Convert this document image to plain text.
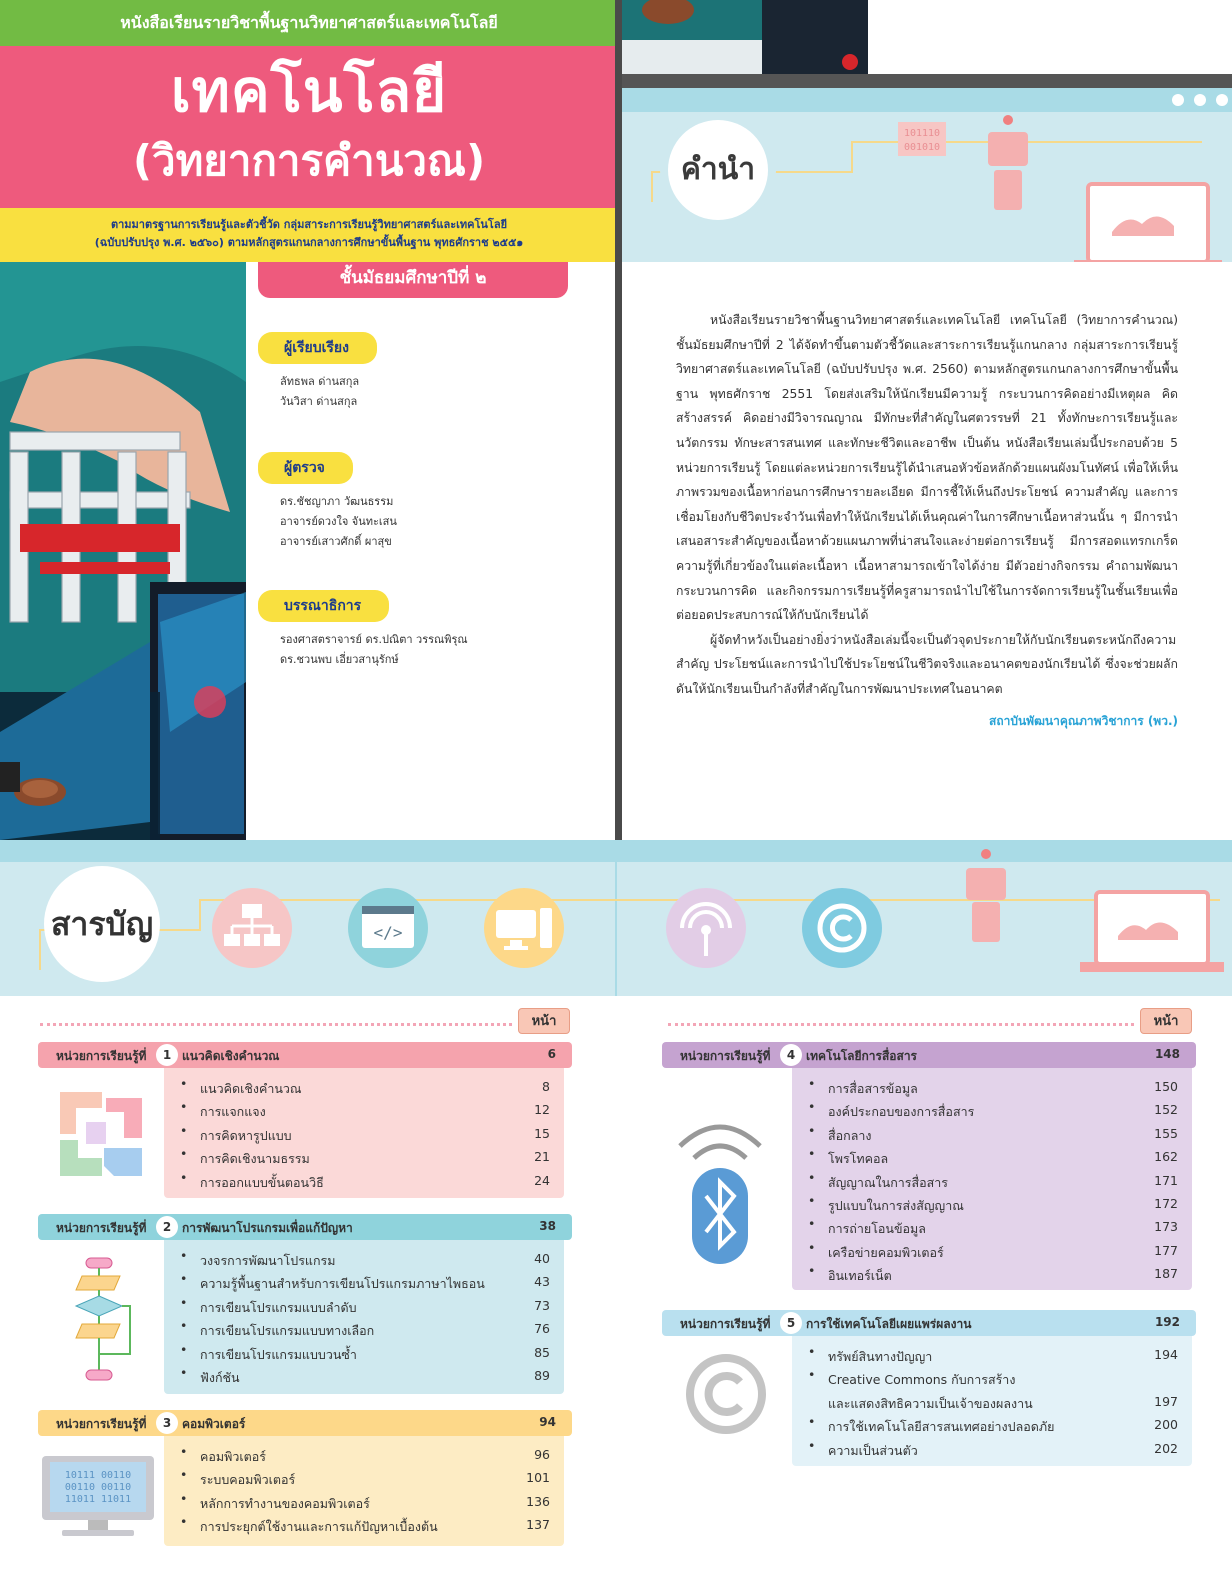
หนังสือเรียนรายวิชาพื้นฐานวิทยาศาสตร์และเทคโนโลยี
เทคโนโลยี
(วิทยาการคำนวณ)
ตามมาตรฐานการเรียนรู้และตัวชี้วัด กลุ่มสาระการเรียนรู้วิทยาศาสตร์และเทคโนโลยี
(ฉบับปรับปรุง พ.ศ. ๒๕๖๐) ตามหลักสูตรแกนกลางการศึกษาขั้นพื้นฐาน พุทธศักราช ๒๕๕๑
ชั้นมัธยมศึกษาปีที่ ๒
ผู้เรียบเรียง
ลัทธพล ด่านสกุล
วันวิสา ด่านสกุล
ผู้ตรวจ
ดร.ชัชญาภา วัฒนธรรม
อาจารย์ดวงใจ จันทะเสน
อาจารย์เสาวศักดิ์ ผาสุข
บรรณาธิการ
รองศาสตราจารย์ ดร.ปณิตา วรรณพิรุณ
ดร.ชวนพบ เอี่ยวสานุรักษ์
101110
001010
คำนำ

หนังสือเรียนรายวิชาพื้นฐานวิทยาศาสตร์และเทคโนโลยี เทคโนโลยี (วิทยาการคำนวณ) ชั้นมัธยมศึกษาปีที่ 2 ได้จัดทำขึ้นตามตัวชี้วัดและสาระการเรียนรู้แกนกลาง กลุ่มสาระการเรียนรู้วิทยาศาสตร์และเทคโนโลยี (ฉบับปรับปรุง พ.ศ. 2560) ตามหลักสูตรแกนกลางการศึกษาขั้นพื้นฐาน พุทธศักราช 2551 โดยส่งเสริมให้นักเรียนมีความรู้ กระบวนการคิดอย่างมีเหตุผล คิดสร้างสรรค์ คิดอย่างมีวิจารณญาณ มีทักษะที่สำคัญในศตวรรษที่ 21 ทั้งทักษะการเรียนรู้และนวัตกรรม ทักษะสารสนเทศ และทักษะชีวิตและอาชีพ เป็นต้น หนังสือเรียนเล่มนี้ประกอบด้วย 5 หน่วยการเรียนรู้ โดยแต่ละหน่วยการเรียนรู้ได้นำเสนอหัวข้อหลักด้วยแผนผังมโนทัศน์ เพื่อให้เห็นภาพรวมของเนื้อหาก่อนการศึกษารายละเอียด มีการชี้ให้เห็นถึงประโยชน์ ความสำคัญ และการเชื่อมโยงกับชีวิตประจำวันเพื่อทำให้นักเรียนได้เห็นคุณค่าในการศึกษาเนื้อหาส่วนนั้น ๆ มีการนำเสนอสาระสำคัญของเนื้อหาด้วยแผนภาพที่น่าสนใจและง่ายต่อการเรียนรู้ มีการสอดแทรกเกร็ดความรู้ที่เกี่ยวข้องในแต่ละเนื้อหา เนื้อหาสามารถเข้าใจได้ง่าย มีตัวอย่างกิจกรรม คำถามพัฒนากระบวนการคิด และกิจกรรมการเรียนรู้ที่ครูสามารถนำไปใช้ในการจัดการเรียนรู้ในชั้นเรียนเพื่อต่อยอดประสบการณ์ให้กับนักเรียนได้

ผู้จัดทำหวังเป็นอย่างยิ่งว่าหนังสือเล่มนี้จะเป็นตัวจุดประกายให้กับนักเรียนตระหนักถึงความสำคัญ ประโยชน์และการนำไปใช้ประโยชน์ในชีวิตจริงและอนาคตของนักเรียนได้ ซึ่งจะช่วยผลักดันให้นักเรียนเป็นกำลังที่สำคัญในการพัฒนาประเทศในอนาคต

สถาบันพัฒนาคุณภาพวิชาการ (พว.)
สารบัญ	</>
หน้า	หน้า
หน่วยการเรียนรู้ที่	1 แนวคิดเชิงคำนวณ	6
• แนวคิดเชิงคำนวณ	8
• การแจกแจง	12
• การคิดหารูปแบบ	15
• การคิดเชิงนามธรรม	21
• การออกแบบขั้นตอนวิธี	24
หน่วยการเรียนรู้ที่	2 การพัฒนาโปรแกรมเพื่อแก้ปัญหา	38
• วงจรการพัฒนาโปรแกรม	40
• ความรู้พื้นฐานสำหรับการเขียนโปรแกรมภาษาไพธอน	43
• การเขียนโปรแกรมแบบลำดับ	73
• การเขียนโปรแกรมแบบทางเลือก	76
• การเขียนโปรแกรมแบบวนซ้ำ	85
• ฟังก์ชัน	89
หน่วยการเรียนรู้ที่	3 คอมพิวเตอร์	94
• คอมพิวเตอร์	96
• ระบบคอมพิวเตอร์	101
• หลักการทำงานของคอมพิวเตอร์	136
• การประยุกต์ใช้งานและการแก้ปัญหาเบื้องต้น	137
10111 00110
00110 00110
11011 11011
หน่วยการเรียนรู้ที่	4 เทคโนโลยีการสื่อสาร	148
• การสื่อสารข้อมูล	150
• องค์ประกอบของการสื่อสาร	152
• สื่อกลาง	155
• โพรโทคอล	162
• สัญญาณในการสื่อสาร	171
• รูปแบบในการส่งสัญญาณ	172
• การถ่ายโอนข้อมูล	173
• เครือข่ายคอมพิวเตอร์	177
• อินเทอร์เน็ต	187
หน่วยการเรียนรู้ที่	5 การใช้เทคโนโลยีเผยแพร่ผลงาน	192
• ทรัพย์สินทางปัญญา	194
• Creative Commons กับการสร้าง
และแสดงสิทธิความเป็นเจ้าของผลงาน	197
• การใช้เทคโนโลยีสารสนเทศอย่างปลอดภัย	200
• ความเป็นส่วนตัว	202
